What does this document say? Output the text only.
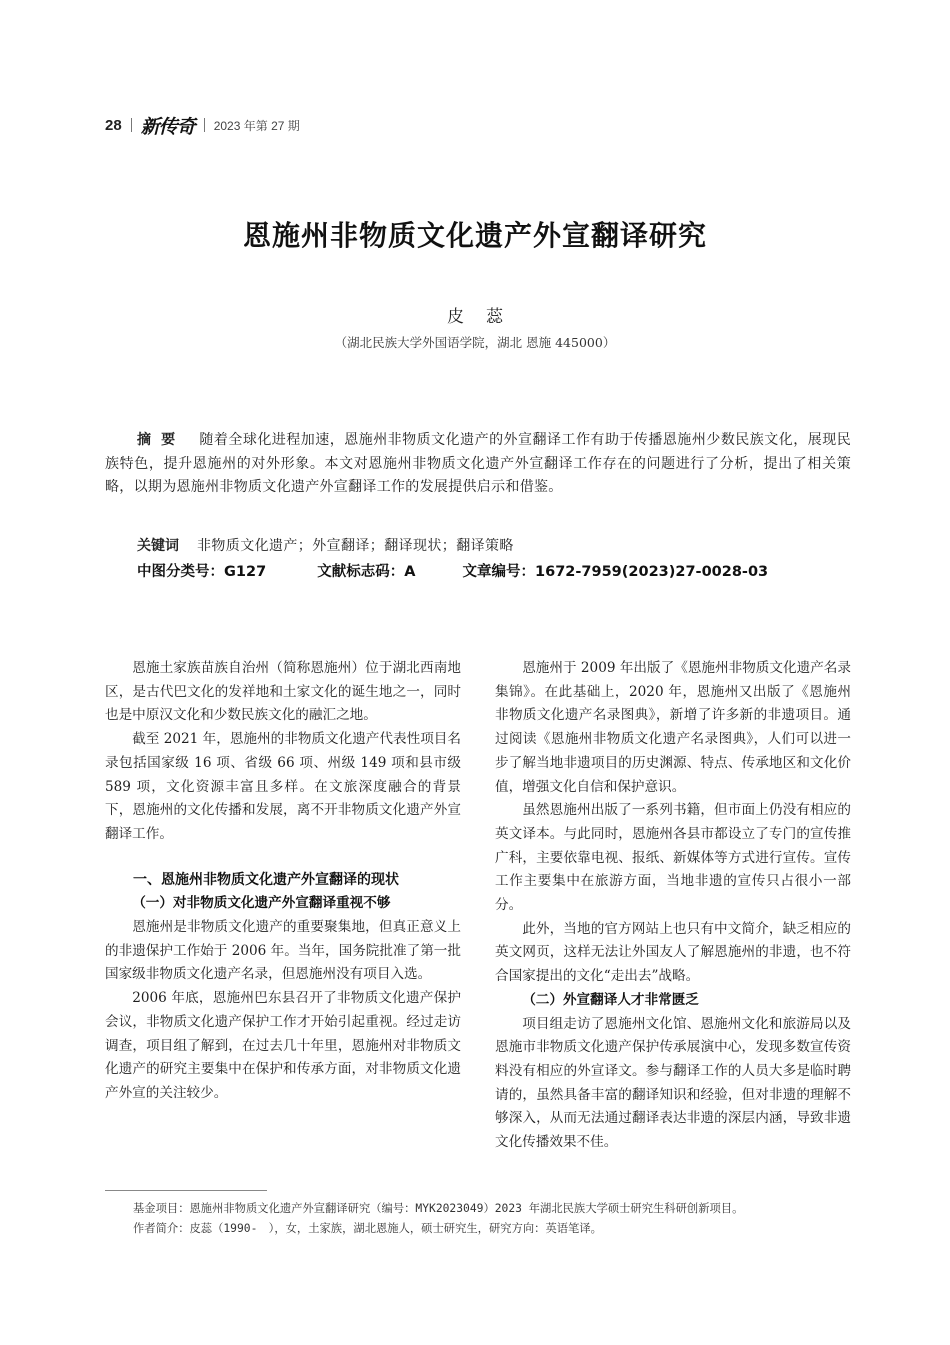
28 新传奇 2023 年第 27 期
恩施州非物质文化遗产外宣翻译研究
皮蕊
（湖北民族大学外国语学院，湖北 恩施 445000）
摘要 随着全球化进程加速，恩施州非物质文化遗产的外宣翻译工作有助于传播恩施州少数民族文化，展现民族特色，提升恩施州的对外形象。本文对恩施州非物质文化遗产外宣翻译工作存在的问题进行了分析，提出了相关策略，以期为恩施州非物质文化遗产外宣翻译工作的发展提供启示和借鉴。
关键词 非物质文化遗产；外宣翻译；翻译现状；翻译策略
中图分类号：G127	文献标志码：A	文章编号：1672-7959(2023)27-0028-03

恩施土家族苗族自治州（简称恩施州）位于湖北西南地区，是古代巴文化的发祥地和土家文化的诞生地之一，同时也是中原汉文化和少数民族文化的融汇之地。

截至 2021 年，恩施州的非物质文化遗产代表性项目名录包括国家级 16 项、省级 66 项、州级 149 项和县市级 589 项，文化资源丰富且多样。在文旅深度融合的背景下，恩施州的文化传播和发展，离不开非物质文化遗产外宣翻译工作。

一、恩施州非物质文化遗产外宣翻译的现状
（一）对非物质文化遗产外宣翻译重视不够

恩施州是非物质文化遗产的重要聚集地，但真正意义上的非遗保护工作始于 2006 年。当年，国务院批准了第一批国家级非物质文化遗产名录，但恩施州没有项目入选。

2006 年底，恩施州巴东县召开了非物质文化遗产保护会议，非物质文化遗产保护工作才开始引起重视。经过走访调查，项目组了解到，在过去几十年里，恩施州对非物质文化遗产的研究主要集中在保护和传承方面，对非物质文化遗产外宣的关注较少。

恩施州于 2009 年出版了《恩施州非物质文化遗产名录集锦》。在此基础上，2020 年，恩施州又出版了《恩施州非物质文化遗产名录图典》，新增了许多新的非遗项目。通过阅读《恩施州非物质文化遗产名录图典》，人们可以进一步了解当地非遗项目的历史渊源、特点、传承地区和文化价值，增强文化自信和保护意识。

虽然恩施州出版了一系列书籍，但市面上仍没有相应的英文译本。与此同时，恩施州各县市都设立了专门的宣传推广科，主要依靠电视、报纸、新媒体等方式进行宣传。宣传工作主要集中在旅游方面，当地非遗的宣传只占很小一部分。

此外，当地的官方网站上也只有中文简介，缺乏相应的英文网页，这样无法让外国友人了解恩施州的非遗，也不符合国家提出的文化“走出去”战略。

（二）外宣翻译人才非常匮乏

项目组走访了恩施州文化馆、恩施州文化和旅游局以及恩施市非物质文化遗产保护传承展演中心，发现多数宣传资料没有相应的外宣译文。参与翻译工作的人员大多是临时聘请的，虽然具备丰富的翻译知识和经验，但对非遗的理解不够深入，从而无法通过翻译表达非遗的深层内涵，导致非遗文化传播效果不佳。

基金项目：恩施州非物质文化遗产外宣翻译研究（编号：MYK2023049）2023 年湖北民族大学硕士研究生科研创新项目。
作者简介：皮蕊（1990-　），女，土家族，湖北恩施人，硕士研究生，研究方向：英语笔译。
